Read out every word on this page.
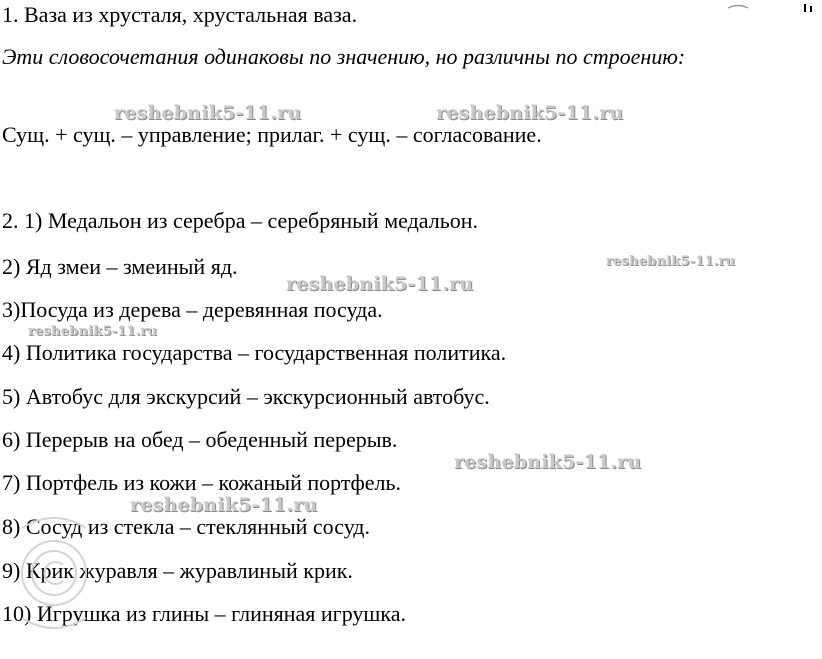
1. Ваза из хрусталя, хрустальная ваза.
Эти словосочетания одинаковы по значению, но различны по строению:
Сущ. + сущ. – управление; прилаг. + сущ. – согласование.
2. 1) Медальон из серебра – серебряный медальон.
2) Яд змеи – змеиный яд.
3)Посуда из дерева – деревянная посуда.
4) Политика государства – государственная политика.
5) Автобус для экскурсий – экскурсионный автобус.
6) Перерыв на обед – обеденный перерыв.
7) Портфель из кожи – кожаный портфель.
8) Сосуд из стекла – стеклянный сосуд.
9) Крик журавля – журавлиный крик.
10) Игрушка из глины – глиняная игрушка.
reshebnik5-11.ru	reshebnik5-11.ru
reshebnik5-11.ru
reshebnik5-11.ru
reshebnik5-11.ru
reshebnik5-11.ru
reshebnik5-11.ru
